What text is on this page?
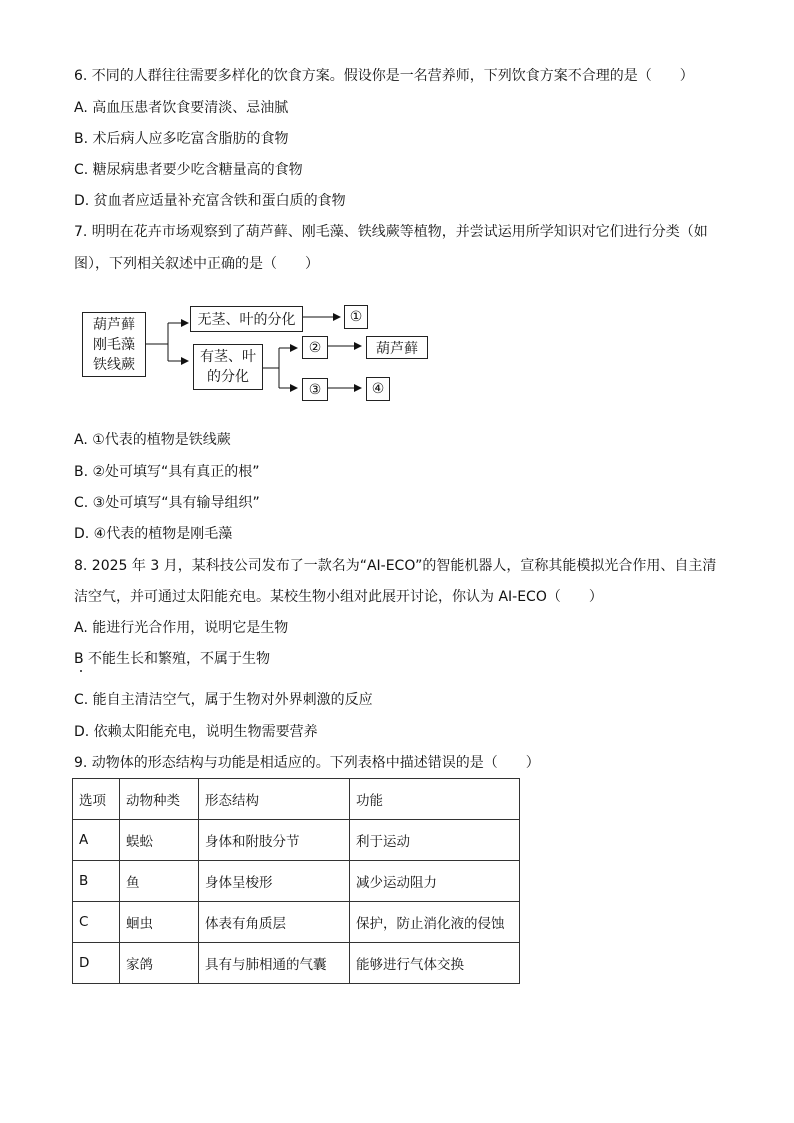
6. 不同的人群往往需要多样化的饮食方案。假设你是一名营养师，下列饮食方案不合理的是（　　）
A. 高血压患者饮食要清淡、忌油腻
B. 术后病人应多吃富含脂肪的食物
C. 糖尿病患者要少吃含糖量高的食物
D. 贫血者应适量补充富含铁和蛋白质的食物
7. 明明在花卉市场观察到了葫芦藓、刚毛藻、铁线蕨等植物，并尝试运用所学知识对它们进行分类（如
图），下列相关叙述中正确的是（　　）
葫芦藓
刚毛藻
铁线蕨
无茎、叶的分化	①
有茎、叶
的分化
②	葫芦藓
③	④
A. ①代表的植物是铁线蕨
B. ②处可填写“具有真正的根”
C. ③处可填写“具有输导组织”
D. ④代表的植物是刚毛藻
8. 2025 年 3 月，某科技公司发布了一款名为“AI-ECO”的智能机器人，宣称其能模拟光合作用、自主清
洁空气，并可通过太阳能充电。某校生物小组对此展开讨论，你认为 AI-ECO（　　）
A. 能进行光合作用，说明它是生物
B 不能生长和繁殖，不属于生物
C. 能自主清洁空气，属于生物对外界刺激的反应
D. 依赖太阳能充电，说明生物需要营养
9. 动物体的形态结构与功能是相适应的。下列表格中描述错误的是（　　）
选项	动物种类	形态结构	功能
A	蜈蚣	身体和附肢分节	利于运动
B	鱼	身体呈梭形	减少运动阻力
C	蛔虫	体表有角质层	保护，防止消化液的侵蚀
D	家鸽	具有与肺相通的气囊	能够进行气体交换
